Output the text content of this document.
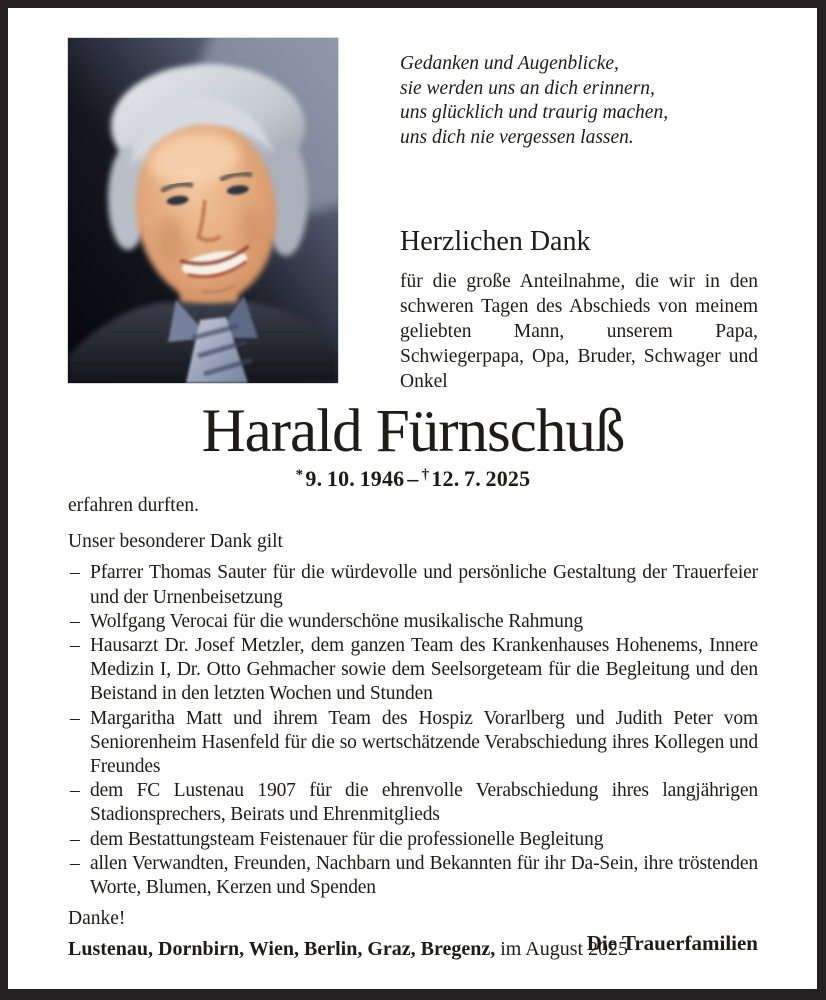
Gedanken und Augenblicke,
sie werden uns an dich erinnern,
uns glücklich und traurig machen,
uns dich nie vergessen lassen.
Herzlichen Dank

für die große Anteilnahme, die wir in den schweren Tagen des Abschieds von meinem geliebten Mann, unserem Papa, Schwiegerpapa, Opa, Bruder, Schwager und Onkel

Harald Fürnschuß
*9. 10. 1946 – †12. 7. 2025

erfahren durften.

Unser besonderer Dank gilt

– Pfarrer Thomas Sauter für die würdevolle und persönliche Gestaltung der Trauerfeier und der Urnenbeisetzung
– Wolfgang Verocai für die wunderschöne musikalische Rahmung
– Hausarzt Dr. Josef Metzler, dem ganzen Team des Krankenhauses Hohenems, Innere Medizin I, Dr. Otto Gehmacher sowie dem Seelsorgeteam für die Begleitung und den Beistand in den letzten Wochen und Stunden
– Margaritha Matt und ihrem Team des Hospiz Vorarlberg und Judith Peter vom Seniorenheim Hasenfeld für die so wertschätzende Verabschiedung ihres Kollegen und Freundes
– dem FC Lustenau 1907 für die ehrenvolle Verabschiedung ihres langjährigen Stadionsprechers, Beirats und Ehrenmitglieds
– dem Bestattungsteam Feistenauer für die professionelle Begleitung
– allen Verwandten, Freunden, Nachbarn und Bekannten für ihr Da-Sein, ihre tröstenden Worte, Blumen, Kerzen und Spenden

Danke!

Die Trauerfamilien

Lustenau, Dornbirn, Wien, Berlin, Graz, Bregenz, im August 2025
